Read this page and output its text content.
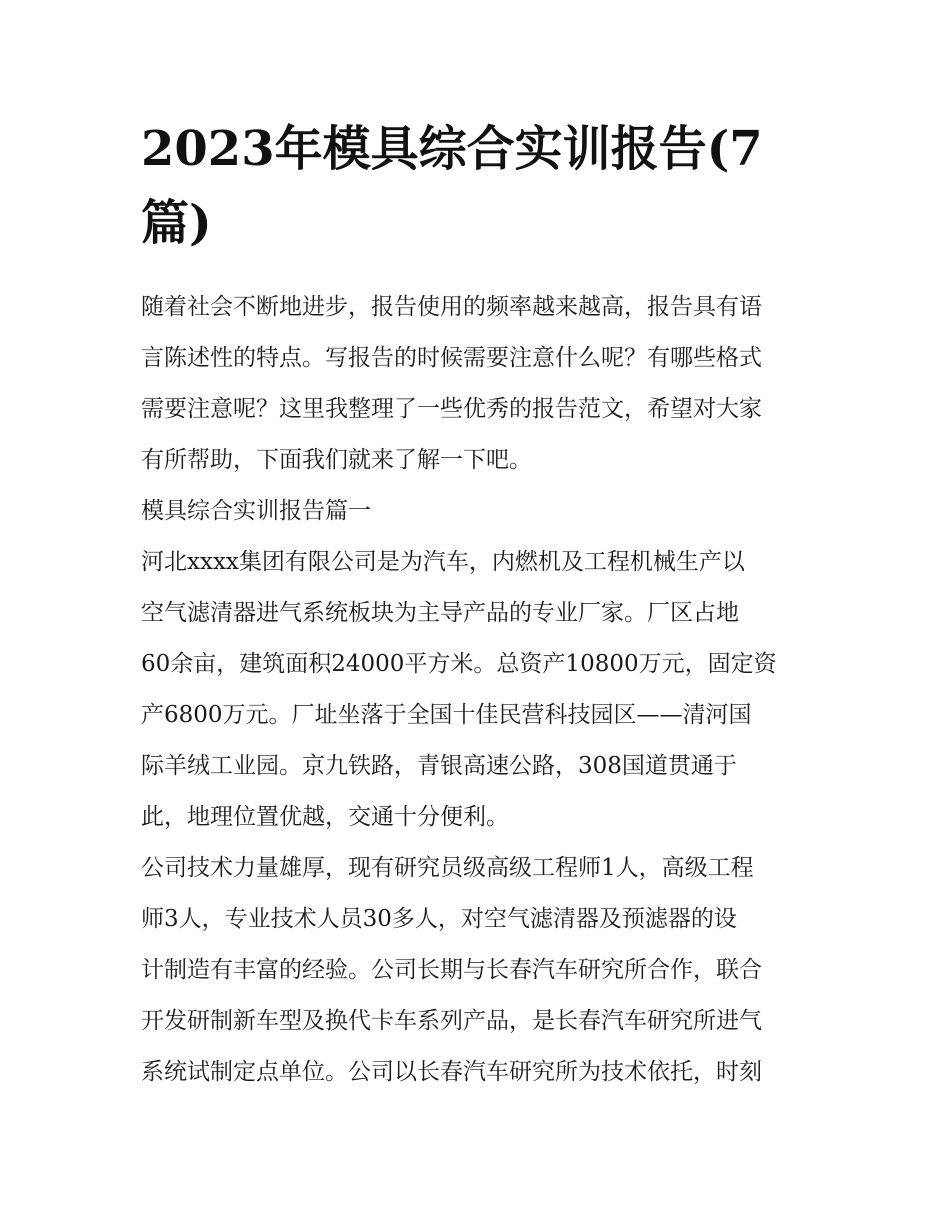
2023年模具综合实训报告(7
篇)
随着社会不断地进步，报告使用的频率越来越高，报告具有语
言陈述性的特点。写报告的时候需要注意什么呢？有哪些格式
需要注意呢？这里我整理了一些优秀的报告范文，希望对大家
有所帮助，下面我们就来了解一下吧。
模具综合实训报告篇一
河北xxxx集团有限公司是为汽车，内燃机及工程机械生产以
空气滤清器进气系统板块为主导产品的专业厂家。厂区占地
60余亩，建筑面积24000平方米。总资产10800万元，固定资
产6800万元。厂址坐落于全国十佳民营科技园区——清河国
际羊绒工业园。京九铁路，青银高速公路，308国道贯通于
此，地理位置优越，交通十分便利。
公司技术力量雄厚，现有研究员级高级工程师1人，高级工程
师3人，专业技术人员30多人，对空气滤清器及预滤器的设
计制造有丰富的经验。公司长期与长春汽车研究所合作，联合
开发研制新车型及换代卡车系列产品，是长春汽车研究所进气
系统试制定点单位。公司以长春汽车研究所为技术依托，时刻
